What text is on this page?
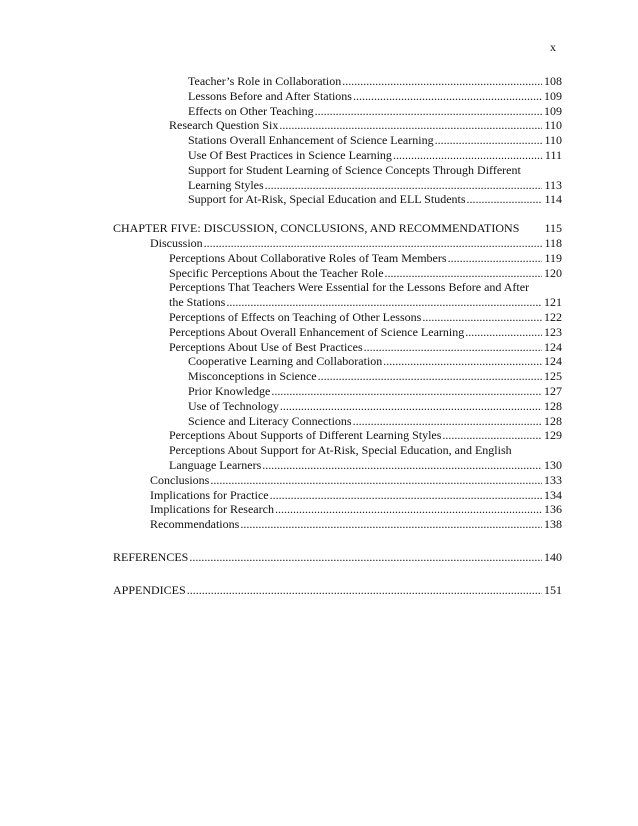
x
Teacher’s Role in Collaboration .....	108
Lessons Before and After Stations .....	109
Effects on Other Teaching .....	109
Research Question Six .....	110
Stations Overall Enhancement of Science Learning .....	110
Use Of Best Practices in Science Learning .....	111
Support for Student Learning of Science Concepts Through Different
Learning Styles .....	113
Support for At-Risk, Special Education and ELL Students .....	114
CHAPTER FIVE: DISCUSSION, CONCLUSIONS, AND RECOMMENDATIONS	115
Discussion .....	118
Perceptions About Collaborative Roles of Team Members .....	119
Specific Perceptions About the Teacher Role .....	120
Perceptions That Teachers Were Essential for the Lessons Before and After
the Stations .....	121
Perceptions of Effects on Teaching of Other Lessons .....	122
Perceptions About Overall Enhancement of Science Learning .....	123
Perceptions About Use of Best Practices .....	124
Cooperative Learning and Collaboration .....	124
Misconceptions in Science .....	125
Prior Knowledge .....	127
Use of Technology .....	128
Science and Literacy Connections .....	128
Perceptions About Supports of Different Learning Styles .....	129
Perceptions About Support for At-Risk, Special Education, and English
Language Learners .....	130
Conclusions .....	133
Implications for Practice .....	134
Implications for Research .....	136
Recommendations .....	138
REFERENCES .....	140
APPENDICES .....	151
